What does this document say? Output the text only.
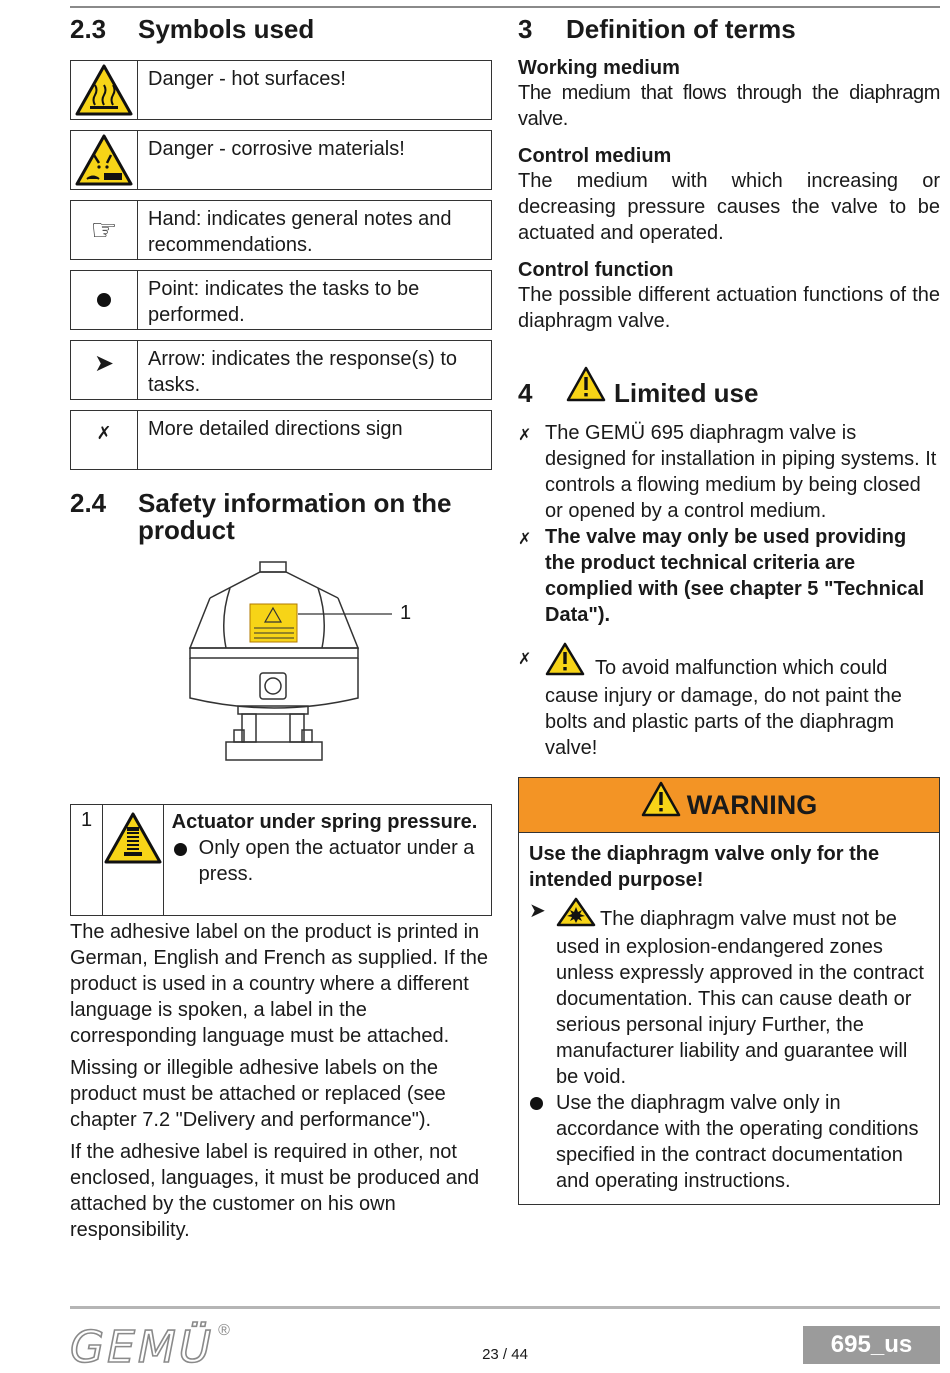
2.3 Symbols used
Danger - hot surfaces!
Danger - corrosive materials!
☞	Hand: indicates general notes and recommendations.
Point: indicates the tasks to be performed.
➤	Arrow: indicates the response(s) to tasks.
✗	More detailed directions sign
2.4	Safety information on the product
1
1	Actuator under spring pressure.
Only open the actuator under a press.

The adhesive label on the product is printed in German, English and French as supplied. If the product is used in a country where a different language is spoken, a label in the corresponding language must be attached.

Missing or illegible adhesive labels on the product must be attached or replaced (see chapter 7.2 "Delivery and performance").

If the adhesive label is required in other, not enclosed, languages, it must be produced and attached by the customer on his own responsibility.

3 Definition of terms
Working medium

The medium that flows through the diaphragm valve.

Control medium

The medium with which increasing or decreasing pressure causes the valve to be actuated and operated.

Control function

The possible different actuation functions of the diaphragm valve.

4	Limited use
✗ The GEMÜ 695 diaphragm valve is designed for installation in piping systems. It controls a flowing medium by being closed or opened by a control medium.
✗ The valve may only be used providing the product technical criteria are complied with (see chapter 5 "Technical Data").
✗	To avoid malfunction which could cause injury or damage, do not paint the bolts and plastic parts of the diaphragm valve!
WARNING
Use the diaphragm valve only for the intended purpose!
➤	The diaphragm valve must not be used in explosion-endangered zones unless expressly approved in the contract documentation. This can cause death or serious personal injury Further, the manufacturer liability and guarantee will be void.
Use the diaphragm valve only in accordance with the operating conditions specified in the contract documentation and operating instructions.
GEMÜ ®
23 / 44	695_us
